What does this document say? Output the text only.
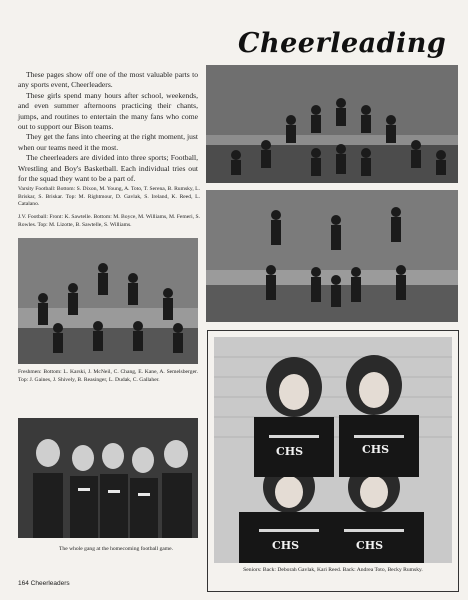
Cheerleading

These pages show off one of the most valuable parts to any sports event, Cheerleaders.

These girls spend many hours after school, weekends, and even summer afternoons practicing their chants, jumps, and routines to entertain the many fans who come out to support our Bison teams.

They get the fans into cheering at the right moment, just when our teams need it the most.

The cheerleaders are divided into three sports; Football, Wrestling and Boy's Basketball. Each individual tries out for the squad they want to be a part of.

Varsity Football: Bottom: S. Dixon, M. Young, A. Toto, T. Serena, B. Rumsky, L. Briskar, S. Briskar. Top: M. Rightmour, D. Gavlak, S. Ireland, K. Reed, L. Catalano.
J.V. Football: Front: K. Sawtelle. Bottom: M. Boyce, M. Williams, M. Femeri, S. Rowles. Top: M. Lizotte, B. Sawtelle, S. Williams.
Freshmen: Bottom: L. Karski, J. McNeil, C. Chang, E. Kane, A. Semelsberger. Top: J. Gaines, J. Shively, B. Reasinger, L. Dudak, C. Gallaher.
The whole gang at the homecoming football game.
CHS	CHS
CHS	CHS
Seniors: Back: Deborah Gavlak, Kari Reed. Back: Andrea Toto, Becky Rumsky.
164 Cheerleaders
